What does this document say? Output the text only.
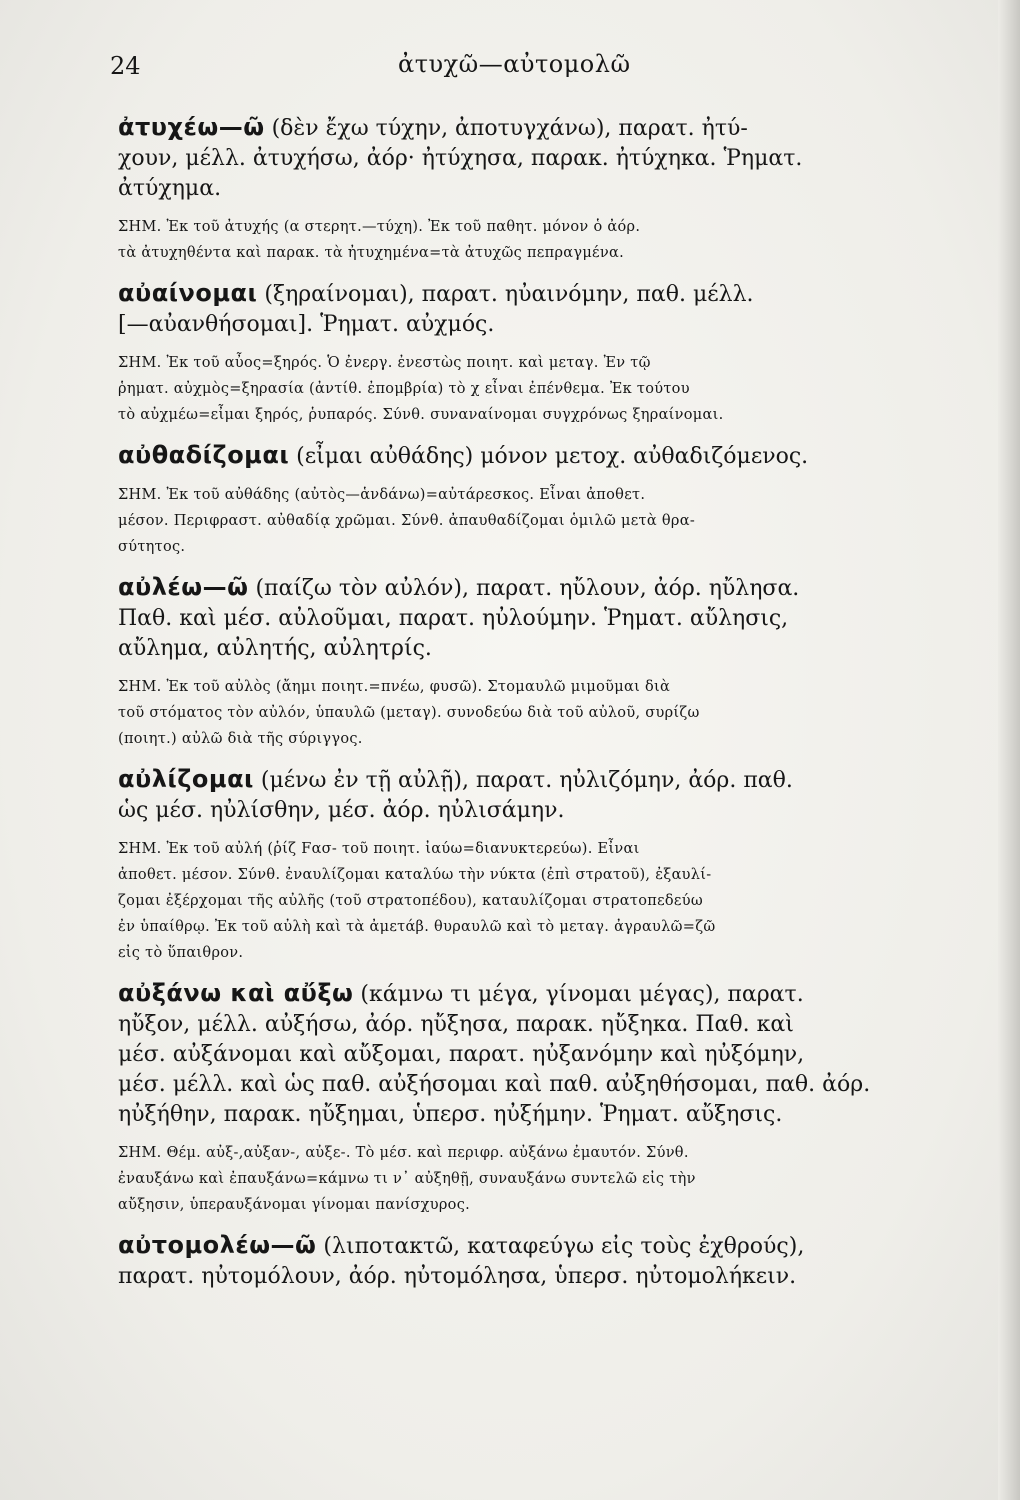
24	ἀτυχῶ—αὐτομολῶ
ἀτυχέω—ῶ (δὲν ἔχω τύχην, ἀποτυγχάνω), παρατ. ἠτύ-
χουν, μέλλ. ἀτυχήσω, ἀόρ· ἠτύχησα, παρακ. ἠτύχηκα. Ῥηματ.
ἀτύχημα.
ΣΗΜ. Ἐκ τοῦ ἀτυχής (α στερητ.—τύχη). Ἐκ τοῦ παθητ. μόνον ὁ ἀόρ.
τὰ ἀτυχηθέντα καὶ παρακ. τὰ ἠτυχημένα=τὰ ἀτυχῶς πεπραγμένα.
αὐαίνομαι (ξηραίνομαι), παρατ. ηὐαινόμην, παθ. μέλλ.
[—αὐανθήσομαι]. Ῥηματ. αὐχμός.
ΣΗΜ. Ἐκ τοῦ αὖος=ξηρός. Ὁ ἐνεργ. ἐνεστὼς ποιητ. καὶ μεταγ. Ἐν τῷ
ῥηματ. αὐχμὸς=ξηρασία (ἀντίθ. ἐπομβρία) τὸ χ εἶναι ἐπένθεμα. Ἐκ τούτου
τὸ αὐχμέω=εἶμαι ξηρός, ῥυπαρός. Σύνθ. συναναίνομαι συγχρόνως ξηραίνομαι.
αὐθαδίζομαι (εἶμαι αὐθάδης) μόνον μετοχ. αὐθαδιζόμενος.
ΣΗΜ. Ἐκ τοῦ αὐθάδης (αὐτὸς—ἁνδάνω)=αὐτάρεσκος. Εἶναι ἀποθετ.
μέσον. Περιφραστ. αὐθαδίᾳ χρῶμαι. Σύνθ. ἀπαυθαδίζομαι ὁμιλῶ μετὰ θρα-
σύτητος.
αὐλέω—ῶ (παίζω τὸν αὐλόν), παρατ. ηὔλουν, ἀόρ. ηὔλησα.
Παθ. καὶ μέσ. αὐλοῦμαι, παρατ. ηὐλούμην. Ῥηματ. αὔλησις,
αὔλημα, αὐλητής, αὐλητρίς.
ΣΗΜ. Ἐκ τοῦ αὐλὸς (ἄημι ποιητ.=πνέω, φυσῶ). Στομαυλῶ μιμοῦμαι διὰ
τοῦ στόματος τὸν αὐλόν, ὑπαυλῶ (μεταγ). συνοδεύω διὰ τοῦ αὐλοῦ, συρίζω
(ποιητ.) αὐλῶ διὰ τῆς σύριγγος.
αὐλίζομαι (μένω ἐν τῇ αὐλῇ), παρατ. ηὐλιζόμην, ἀόρ. παθ.
ὡς μέσ. ηὐλίσθην, μέσ. ἀόρ. ηὐλισάμην.
ΣΗΜ. Ἐκ τοῦ αὐλή (ῥίζ Fασ- τοῦ ποιητ. ἰαύω=διανυκτερεύω). Εἶναι
ἀποθετ. μέσον. Σύνθ. ἐναυλίζομαι καταλύω τὴν νύκτα (ἐπὶ στρατοῦ), ἐξαυλί-
ζομαι ἐξέρχομαι τῆς αὐλῆς (τοῦ στρατοπέδου), καταυλίζομαι στρατοπεδεύω
ἐν ὑπαίθρῳ. Ἐκ τοῦ αὐλὴ καὶ τὰ ἀμετάβ. θυραυλῶ καὶ τὸ μεταγ. ἀγραυλῶ=ζῶ
εἰς τὸ ὕπαιθρον.
αὐξάνω καὶ αὔξω (κάμνω τι μέγα, γίνομαι μέγας), παρατ.
ηὔξον, μέλλ. αὐξήσω, ἀόρ. ηὔξησα, παρακ. ηὔξηκα. Παθ. καὶ
μέσ. αὐξάνομαι καὶ αὔξομαι, παρατ. ηὐξανόμην καὶ ηὐξόμην,
μέσ. μέλλ. καὶ ὡς παθ. αὐξήσομαι καὶ παθ. αὐξηθήσομαι, παθ. ἀόρ.
ηὐξήθην, παρακ. ηὔξημαι, ὑπερσ. ηὐξήμην. Ῥηματ. αὔξησις.
ΣΗΜ. Θέμ. αὐξ-,αὐξαν-, αὐξε-. Τὸ μέσ. καὶ περιφρ. αὐξάνω ἐμαυτόν. Σύνθ.
ἐναυξάνω καὶ ἐπαυξάνω=κάμνω τι ν᾽ αὐξηθῇ, συναυξάνω συντελῶ εἰς τὴν
αὔξησιν, ὑπεραυξάνομαι γίνομαι πανίσχυρος.
αὐτομολέω—ῶ (λιποτακτῶ, καταφεύγω εἰς τοὺς ἐχθρούς),
παρατ. ηὐτομόλουν, ἀόρ. ηὐτομόλησα, ὑπερσ. ηὐτομολήκειν.
